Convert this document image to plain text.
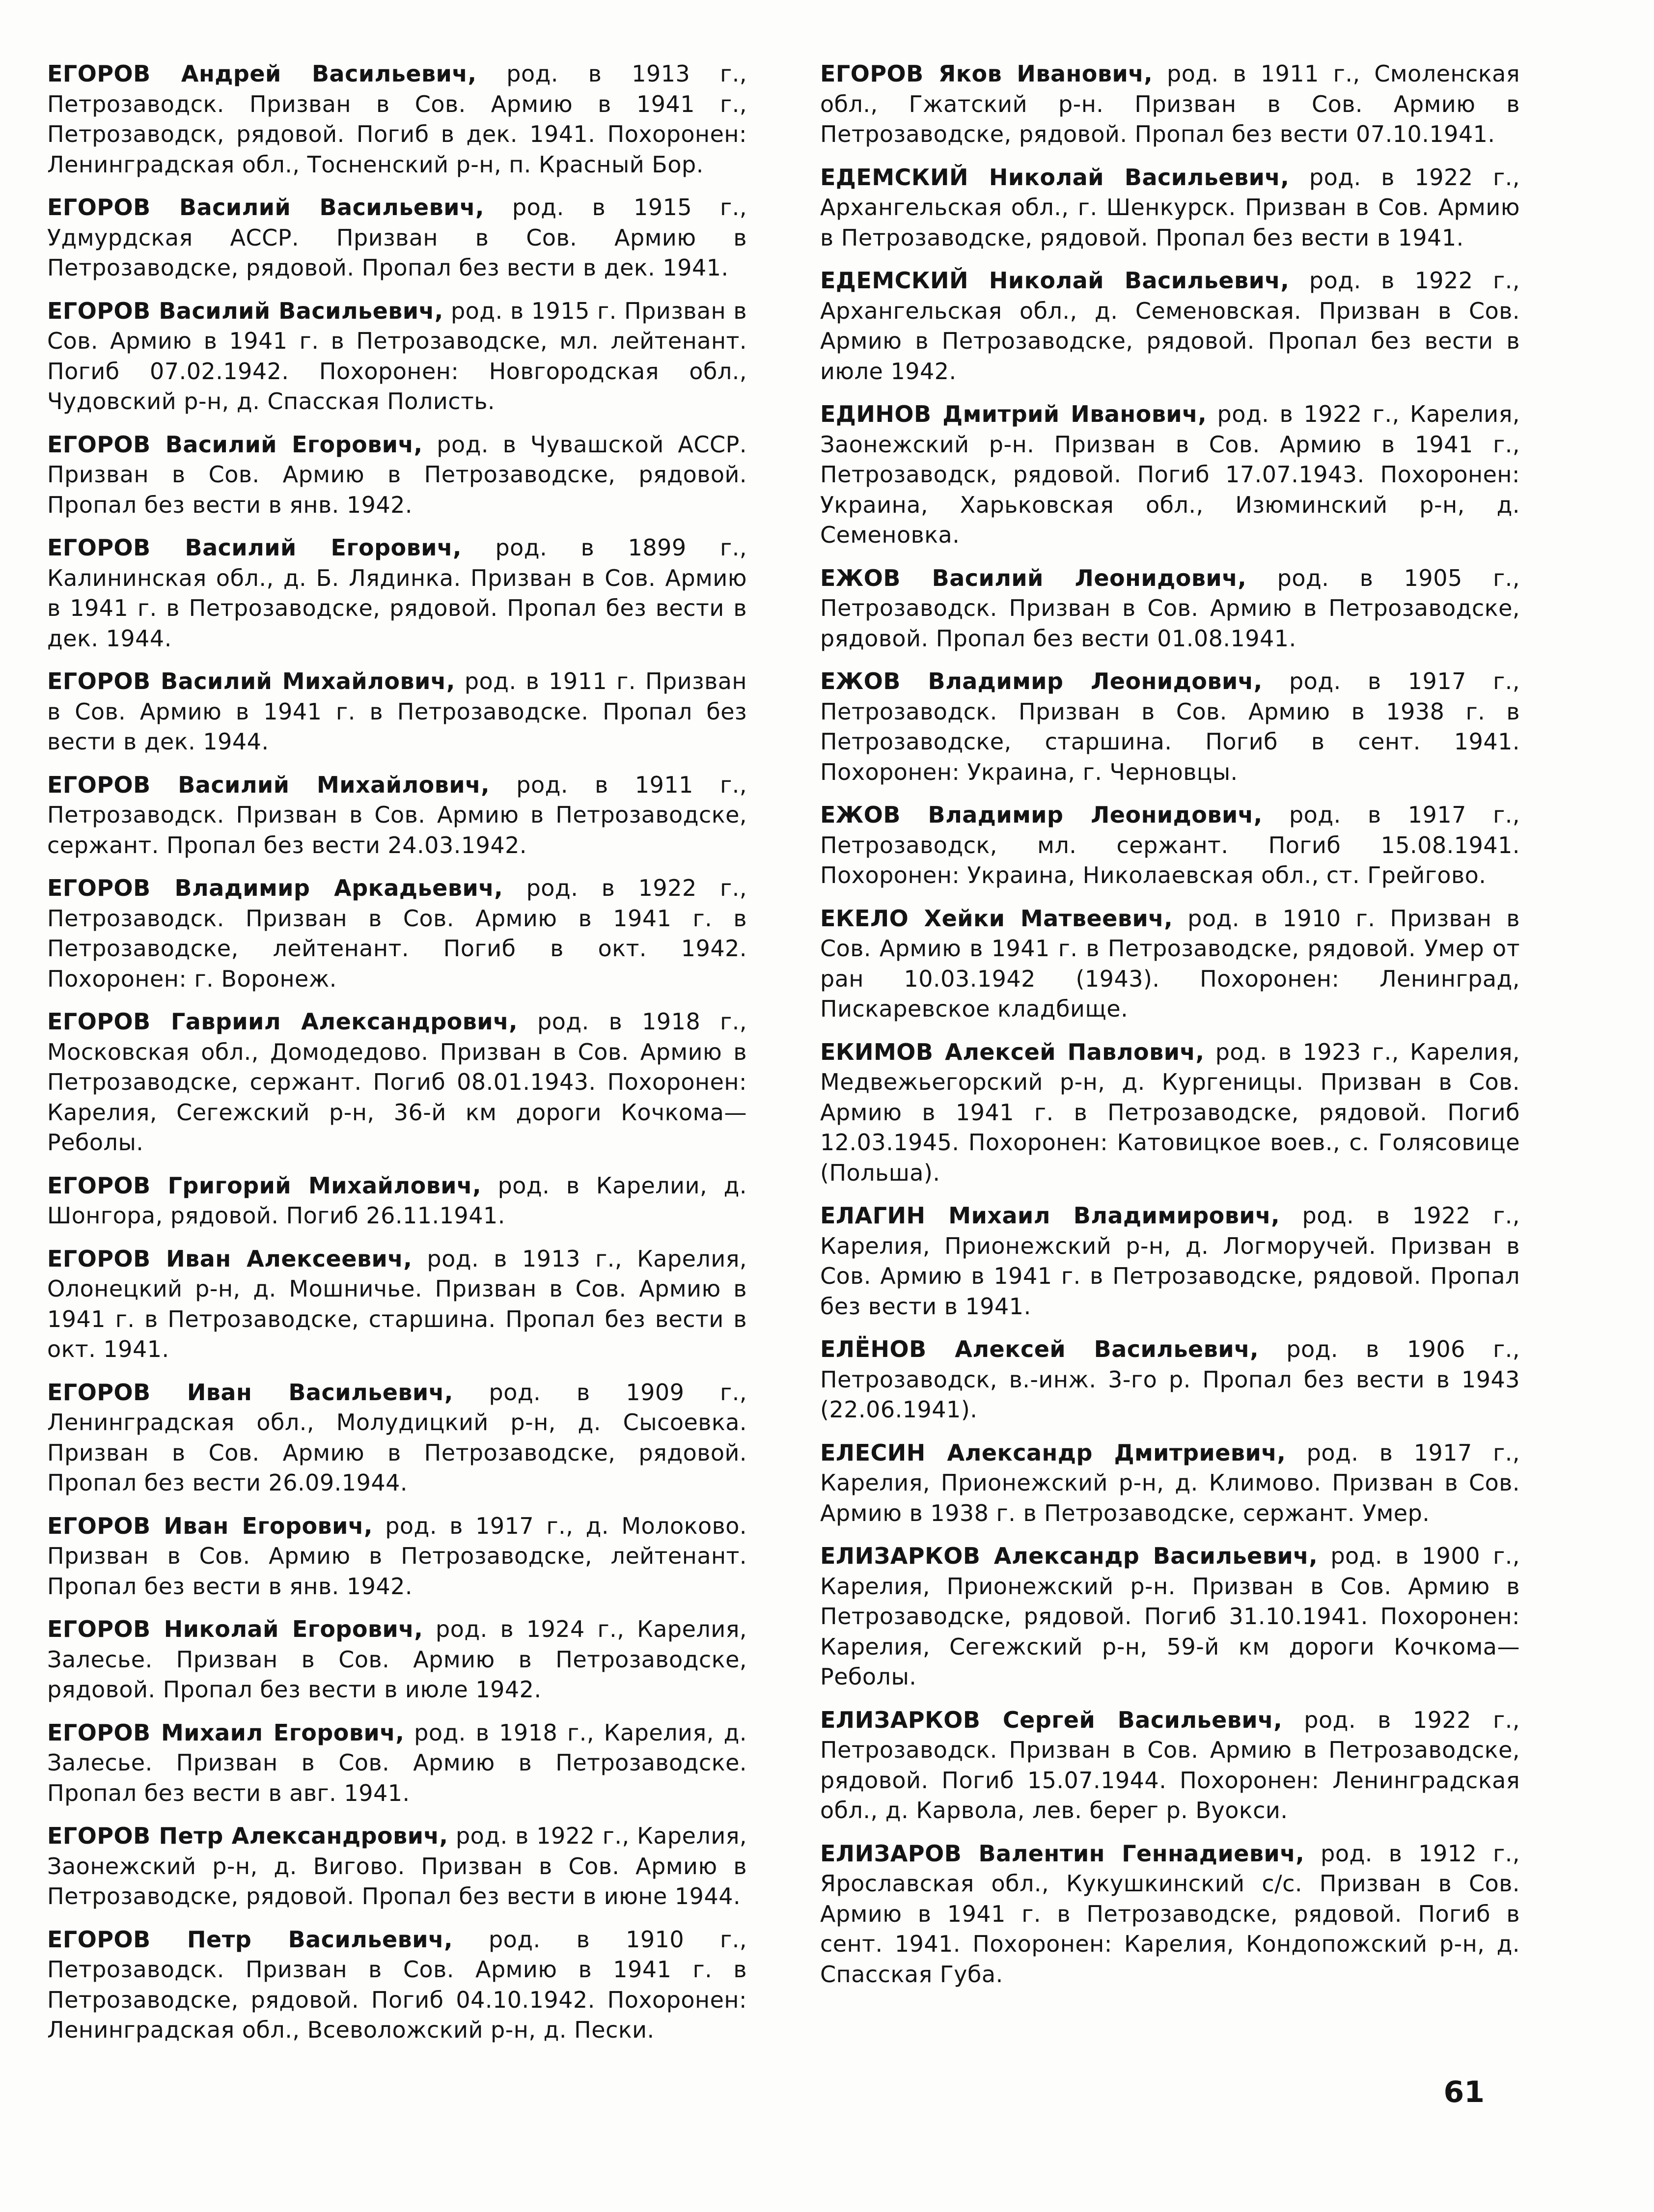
ЕГОРОВ Андрей Васильевич, род. в 1913 г., Петрозаводск. Призван в Сов. Армию в 1941 г., Петрозаводск, рядовой. Погиб в дек. 1941. Похоронен: Ленинградская обл., Тосненский р-н, п. Красный Бор.

ЕГОРОВ Василий Васильевич, род. в 1915 г., Удмурдская АССР. Призван в Сов. Армию в Петрозаводске, рядовой. Пропал без вести в дек. 1941.

ЕГОРОВ Василий Васильевич, род. в 1915 г. Призван в Сов. Армию в 1941 г. в Петрозаводске, мл. лейтенант. Погиб 07.02.1942. Похоронен: Новгородская обл., Чудовский р-н, д. Спасская Полисть.

ЕГОРОВ Василий Егорович, род. в Чувашской АССР. Призван в Сов. Армию в Петрозаводске, рядовой. Пропал без вести в янв. 1942.

ЕГОРОВ Василий Егорович, род. в 1899 г., Калининская обл., д. Б. Лядинка. Призван в Сов. Армию в 1941 г. в Петрозаводске, рядовой. Пропал без вести в дек. 1944.

ЕГОРОВ Василий Михайлович, род. в 1911 г. Призван в Сов. Армию в 1941 г. в Петрозаводске. Пропал без вести в дек. 1944.

ЕГОРОВ Василий Михайлович, род. в 1911 г., Петрозаводск. Призван в Сов. Армию в Петрозаводске, сержант. Пропал без вести 24.03.1942.

ЕГОРОВ Владимир Аркадьевич, род. в 1922 г., Петрозаводск. Призван в Сов. Армию в 1941 г. в Петрозаводске, лейтенант. Погиб в окт. 1942. Похоронен: г. Воронеж.

ЕГОРОВ Гавриил Александрович, род. в 1918 г., Московская обл., Домодедово. Призван в Сов. Армию в Петрозаводске, сержант. Погиб 08.01.1943. Похоронен: Карелия, Сегежский р-н, 36-й км дороги Кочкома—Реболы.

ЕГОРОВ Григорий Михайлович, род. в Карелии, д. Шонгора, рядовой. Погиб 26.11.1941.

ЕГОРОВ Иван Алексеевич, род. в 1913 г., Карелия, Олонецкий р-н, д. Мошничье. Призван в Сов. Армию в 1941 г. в Петрозаводске, старшина. Пропал без вести в окт. 1941.

ЕГОРОВ Иван Васильевич, род. в 1909 г., Ленинградская обл., Молудицкий р-н, д. Сысоевка. Призван в Сов. Армию в Петрозаводске, рядовой. Пропал без вести 26.09.1944.

ЕГОРОВ Иван Егорович, род. в 1917 г., д. Молоково. Призван в Сов. Армию в Петрозаводске, лейтенант. Пропал без вести в янв. 1942.

ЕГОРОВ Николай Егорович, род. в 1924 г., Карелия, Залесье. Призван в Сов. Армию в Петрозаводске, рядовой. Пропал без вести в июле 1942.

ЕГОРОВ Михаил Егорович, род. в 1918 г., Карелия, д. Залесье. Призван в Сов. Армию в Петрозаводске. Пропал без вести в авг. 1941.

ЕГОРОВ Петр Александрович, род. в 1922 г., Карелия, Заонежский р-н, д. Вигово. Призван в Сов. Армию в Петрозаводске, рядовой. Пропал без вести в июне 1944.

ЕГОРОВ Петр Васильевич, род. в 1910 г., Петрозаводск. Призван в Сов. Армию в 1941 г. в Петрозаводске, рядовой. Погиб 04.10.1942. Похоронен: Ленинградская обл., Всеволожский р-н, д. Пески.

ЕГОРОВ Яков Иванович, род. в 1911 г., Смоленская обл., Гжатский р-н. Призван в Сов. Армию в Петрозаводске, рядовой. Пропал без вести 07.10.1941.

ЕДЕМСКИЙ Николай Васильевич, род. в 1922 г., Архангельская обл., г. Шенкурск. Призван в Сов. Армию в Петрозаводске, рядовой. Пропал без вести в 1941.

ЕДЕМСКИЙ Николай Васильевич, род. в 1922 г., Архангельская обл., д. Семеновская. Призван в Сов. Армию в Петрозаводске, рядовой. Пропал без вести в июле 1942.

ЕДИНОВ Дмитрий Иванович, род. в 1922 г., Карелия, Заонежский р-н. Призван в Сов. Армию в 1941 г., Петрозаводск, рядовой. Погиб 17.07.1943. Похоронен: Украина, Харьковская обл., Изюминский р-н, д. Семеновка.

ЕЖОВ Василий Леонидович, род. в 1905 г., Петрозаводск. Призван в Сов. Армию в Петрозаводске, рядовой. Пропал без вести 01.08.1941.

ЕЖОВ Владимир Леонидович, род. в 1917 г., Петрозаводск. Призван в Сов. Армию в 1938 г. в Петрозаводске, старшина. Погиб в сент. 1941. Похоронен: Украина, г. Черновцы.

ЕЖОВ Владимир Леонидович, род. в 1917 г., Петрозаводск, мл. сержант. Погиб 15.08.1941. Похоронен: Украина, Николаевская обл., ст. Грейгово.

ЕКЕЛО Хейки Матвеевич, род. в 1910 г. Призван в Сов. Армию в 1941 г. в Петрозаводске, рядовой. Умер от ран 10.03.1942 (1943). Похоронен: Ленинград, Пискаревское кладбище.

ЕКИМОВ Алексей Павлович, род. в 1923 г., Карелия, Медвежьегорский р-н, д. Кургеницы. Призван в Сов. Армию в 1941 г. в Петрозаводске, рядовой. Погиб 12.03.1945. Похоронен: Катовицкое воев., с. Голясовице (Польша).

ЕЛАГИН Михаил Владимирович, род. в 1922 г., Карелия, Прионежский р-н, д. Логморучей. Призван в Сов. Армию в 1941 г. в Петрозаводске, рядовой. Пропал без вести в 1941.

ЕЛЁНОВ Алексей Васильевич, род. в 1906 г., Петрозаводск, в.-инж. 3-го р. Пропал без вести в 1943 (22.06.1941).

ЕЛЕСИН Александр Дмитриевич, род. в 1917 г., Карелия, Прионежский р-н, д. Климово. Призван в Сов. Армию в 1938 г. в Петрозаводске, сержант. Умер.

ЕЛИЗАРКОВ Александр Васильевич, род. в 1900 г., Карелия, Прионежский р-н. Призван в Сов. Армию в Петрозаводске, рядовой. Погиб 31.10.1941. Похоронен: Карелия, Сегежский р-н, 59-й км дороги Кочкома—Реболы.

ЕЛИЗАРКОВ Сергей Васильевич, род. в 1922 г., Петрозаводск. Призван в Сов. Армию в Петрозаводске, рядовой. Погиб 15.07.1944. Похоронен: Ленинградская обл., д. Карвола, лев. берег р. Вуокси.

ЕЛИЗАРОВ Валентин Геннадиевич, род. в 1912 г., Ярославская обл., Кукушкинский с/с. Призван в Сов. Армию в 1941 г. в Петрозаводске, рядовой. Погиб в сент. 1941. Похоронен: Карелия, Кондопожский р-н, д. Спасская Губа.

61
